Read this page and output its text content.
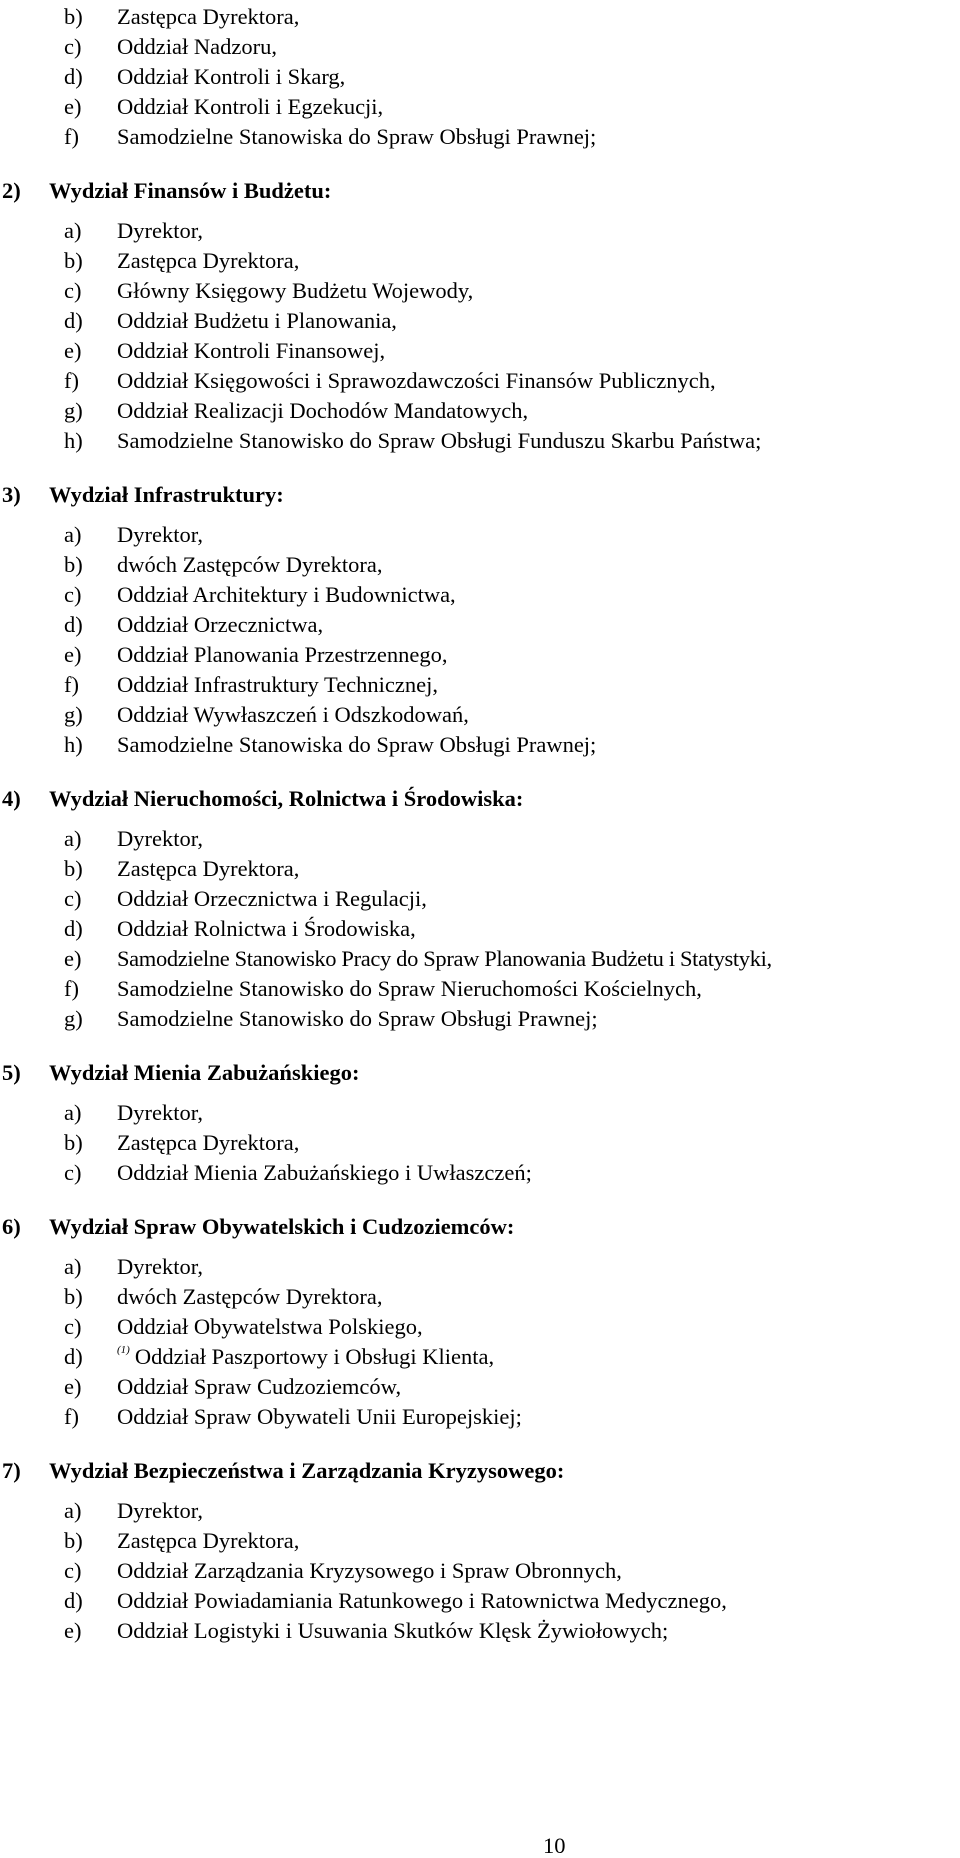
b) Zastępca Dyrektora,
c) Oddział Nadzoru,
d) Oddział Kontroli i Skarg,
e) Oddział Kontroli i Egzekucji,
f) Samodzielne Stanowiska do Spraw Obsługi Prawnej;
2) Wydział Finansów i Budżetu:
a) Dyrektor,
b) Zastępca Dyrektora,
c) Główny Księgowy Budżetu Wojewody,
d) Oddział Budżetu i Planowania,
e) Oddział Kontroli Finansowej,
f) Oddział Księgowości i Sprawozdawczości Finansów Publicznych,
g) Oddział Realizacji Dochodów Mandatowych,
h) Samodzielne Stanowisko do Spraw Obsługi Funduszu Skarbu Państwa;
3) Wydział Infrastruktury:
a) Dyrektor,
b) dwóch Zastępców Dyrektora,
c) Oddział Architektury i Budownictwa,
d) Oddział Orzecznictwa,
e) Oddział Planowania Przestrzennego,
f) Oddział Infrastruktury Technicznej,
g) Oddział Wywłaszczeń i Odszkodowań,
h) Samodzielne Stanowiska do Spraw Obsługi Prawnej;
4) Wydział Nieruchomości, Rolnictwa i Środowiska:
a) Dyrektor,
b) Zastępca Dyrektora,
c) Oddział Orzecznictwa i Regulacji,
d) Oddział Rolnictwa i Środowiska,
e) Samodzielne Stanowisko Pracy do Spraw Planowania Budżetu i Statystyki,
f) Samodzielne Stanowisko do Spraw Nieruchomości Kościelnych,
g) Samodzielne Stanowisko do Spraw Obsługi Prawnej;
5) Wydział Mienia Zabużańskiego:
a) Dyrektor,
b) Zastępca Dyrektora,
c) Oddział Mienia Zabużańskiego i Uwłaszczeń;
6) Wydział Spraw Obywatelskich i Cudzoziemców:
a) Dyrektor,
b) dwóch Zastępców Dyrektora,
c) Oddział Obywatelstwa Polskiego,
d)	$^{(1)}$ Oddział Paszportowy i Obsługi Klienta,
e) Oddział Spraw Cudzoziemców,
f) Oddział Spraw Obywateli Unii Europejskiej;
7) Wydział Bezpieczeństwa i Zarządzania Kryzysowego:
a) Dyrektor,
b) Zastępca Dyrektora,
c) Oddział Zarządzania Kryzysowego i Spraw Obronnych,
d) Oddział Powiadamiania Ratunkowego i Ratownictwa Medycznego,
e) Oddział Logistyki i Usuwania Skutków Klęsk Żywiołowych;
10
